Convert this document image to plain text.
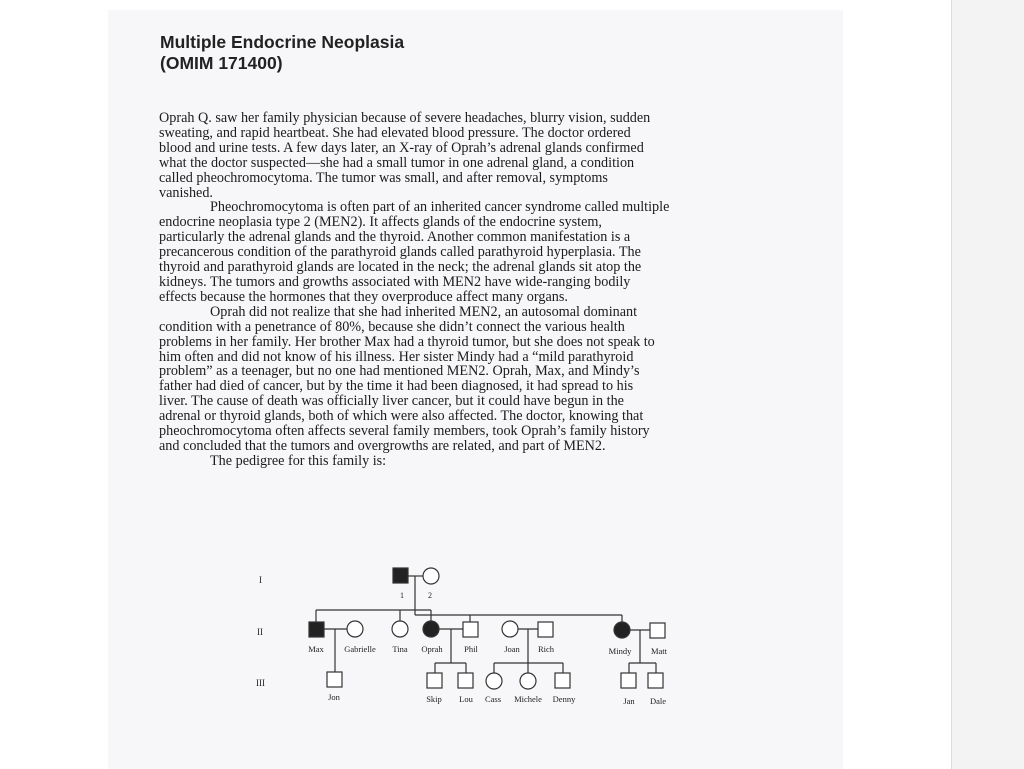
Multiple Endocrine Neoplasia
(OMIM 171400)
Oprah Q. saw her family physician because of severe headaches, blurry vision, sudden
sweating, and rapid heartbeat. She had elevated blood pressure. The doctor ordered
blood and urine tests. A few days later, an X-ray of Oprah’s adrenal glands confirmed
what the doctor suspected—she had a small tumor in one adrenal gland, a condition
called pheochromocytoma. The tumor was small, and after removal, symptoms
vanished.
Pheochromocytoma is often part of an inherited cancer syndrome called multiple
endocrine neoplasia type 2 (MEN2). It affects glands of the endocrine system,
particularly the adrenal glands and the thyroid. Another common manifestation is a
precancerous condition of the parathyroid glands called parathyroid hyperplasia. The
thyroid and parathyroid glands are located in the neck; the adrenal glands sit atop the
kidneys. The tumors and growths associated with MEN2 have wide-ranging bodily
effects because the hormones that they overproduce affect many organs.
Oprah did not realize that she had inherited MEN2, an autosomal dominant
condition with a penetrance of 80%, because she didn’t connect the various health
problems in her family. Her brother Max had a thyroid tumor, but she does not speak to
him often and did not know of his illness. Her sister Mindy had a “mild parathyroid
problem” as a teenager, but no one had mentioned MEN2. Oprah, Max, and Mindy’s
father had died of cancer, but by the time it had been diagnosed, it had spread to his
liver. The cause of death was officially liver cancer, but it could have begun in the
adrenal or thyroid glands, both of which were also affected. The doctor, knowing that
pheochromocytoma often affects several family members, took Oprah’s family history
and concluded that the tumors and overgrowths are related, and part of MEN2.
The pedigree for this family is:
I
II
III
1	2
Max Gabrielle Tina Oprah	Phil	Joan Rich	Mindy Matt
Jon	Skip Lou Cass Michele Denny	Jan Dale
